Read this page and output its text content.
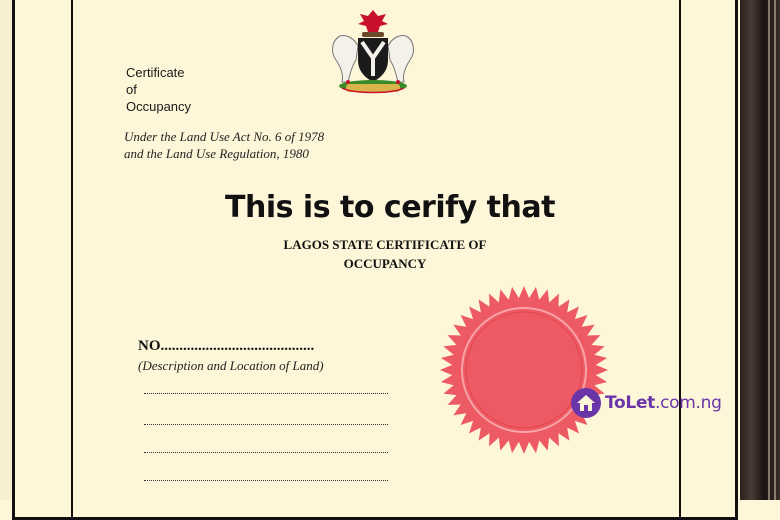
Certificate
of
Occupancy
Under the Land Use Act No. 6 of 1978
and the Land Use Regulation, 1980
This is to cerify that
LAGOS STATE CERTIFICATE OF
OCCUPANCY
NO.........................................
(Description and Location of Land)
ToLet.com.ng
